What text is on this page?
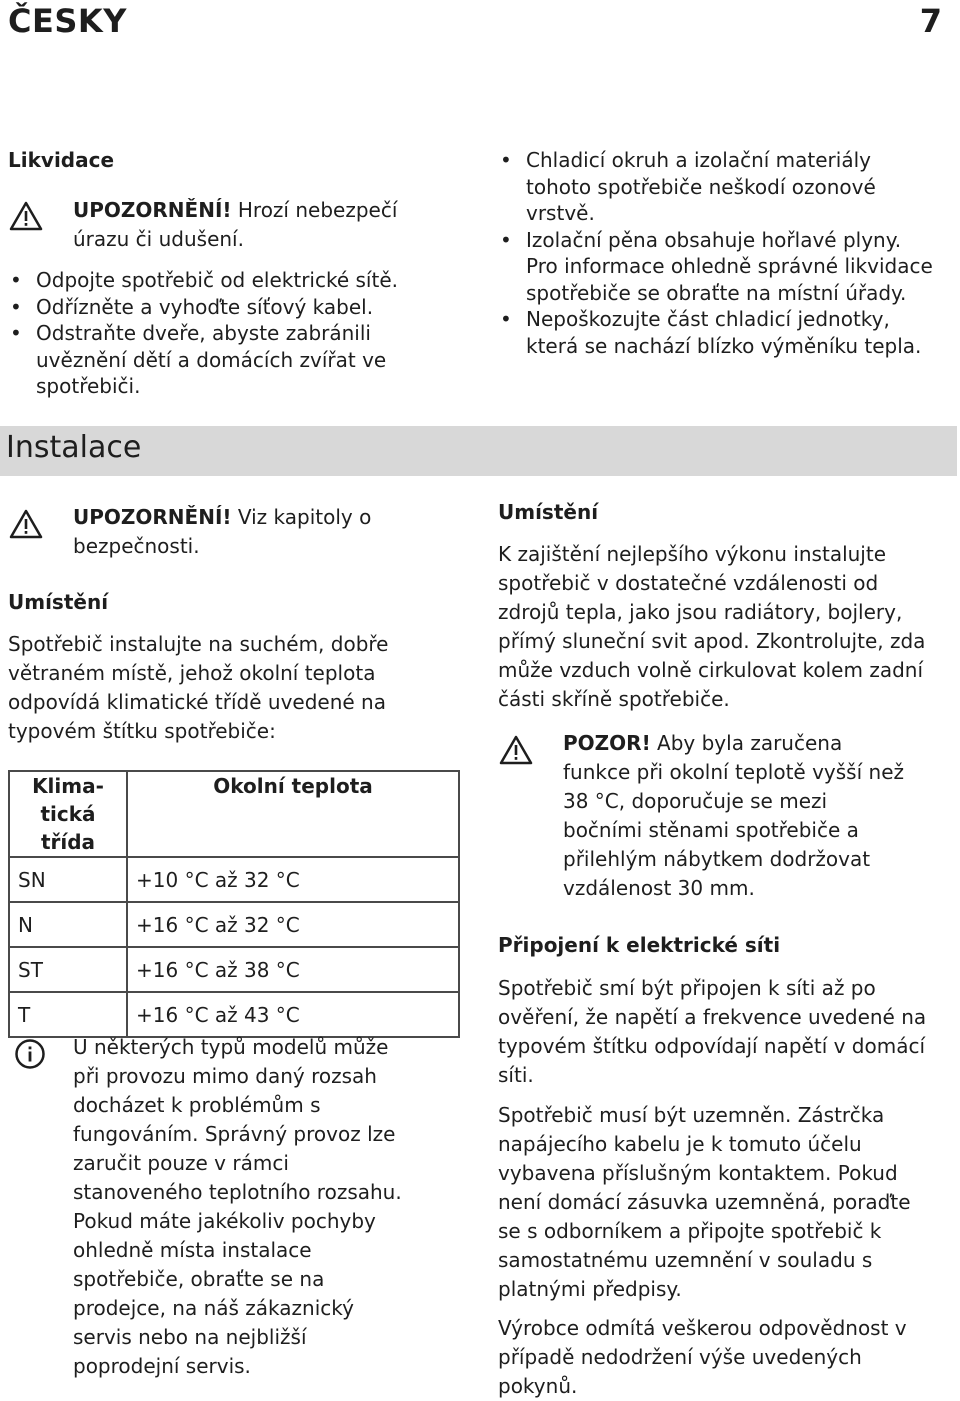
ČESKY	7
Likvidace
UPOZORNĚNÍ! Hrozí nebezpečí
úrazu či udušení.
• Odpojte spotřebič od elektrické sítě.
• Odřízněte a vyhoďte síťový kabel.
• Odstraňte dveře, abyste zabránili uvěznění dětí a domácích zvířat ve spotřebiči.
• Chladicí okruh a izolační materiály tohoto spotřebiče neškodí ozonové vrstvě.
• Izolační pěna obsahuje hořlavé plyny. Pro informace ohledně správné likvidace spotřebiče se obraťte na místní úřady.
• Nepoškozujte část chladicí jednotky, která se nachází blízko výměníku tepla.
Instalace
UPOZORNĚNÍ! Viz kapitoly o
bezpečnosti.
Umístění

Spotřebič instalujte na suchém, dobře

větraném místě, jehož okolní teplota

odpovídá klimatické třídě uvedené na

typovém štítku spotřebiče:

Klima-
tická třída	Okolní teplota
SN	+10 °C až 32 °C
N	+16 °C až 32 °C
ST	+16 °C až 38 °C
T	+16 °C až 43 °C

U některých typů modelů může

při provozu mimo daný rozsah

docházet k problémům s

fungováním. Správný provoz lze

zaručit pouze v rámci

stanoveného teplotního rozsahu.

Pokud máte jakékoliv pochyby

ohledně místa instalace

spotřebiče, obraťte se na

prodejce, na náš zákaznický

servis nebo na nejbližší

poprodejní servis.

Umístění

K zajištění nejlepšího výkonu instalujte

spotřebič v dostatečné vzdálenosti od

zdrojů tepla, jako jsou radiátory, bojlery,

přímý sluneční svit apod. Zkontrolujte, zda

může vzduch volně cirkulovat kolem zadní

části skříně spotřebiče.

POZOR! Aby byla zaručena
funkce při okolní teplotě vyšší než
38 °C, doporučuje se mezi
bočními stěnami spotřebiče a
přilehlým nábytkem dodržovat
vzdálenost 30 mm.
Připojení k elektrické síti

Spotřebič smí být připojen k síti až po

ověření, že napětí a frekvence uvedené na

typovém štítku odpovídají napětí v domácí

síti.

Spotřebič musí být uzemněn. Zástrčka

napájecího kabelu je k tomuto účelu

vybavena příslušným kontaktem. Pokud

není domácí zásuvka uzemněná, poraďte

se s odborníkem a připojte spotřebič k

samostatnému uzemnění v souladu s

platnými předpisy.

Výrobce odmítá veškerou odpovědnost v

případě nedodržení výše uvedených

pokynů.
